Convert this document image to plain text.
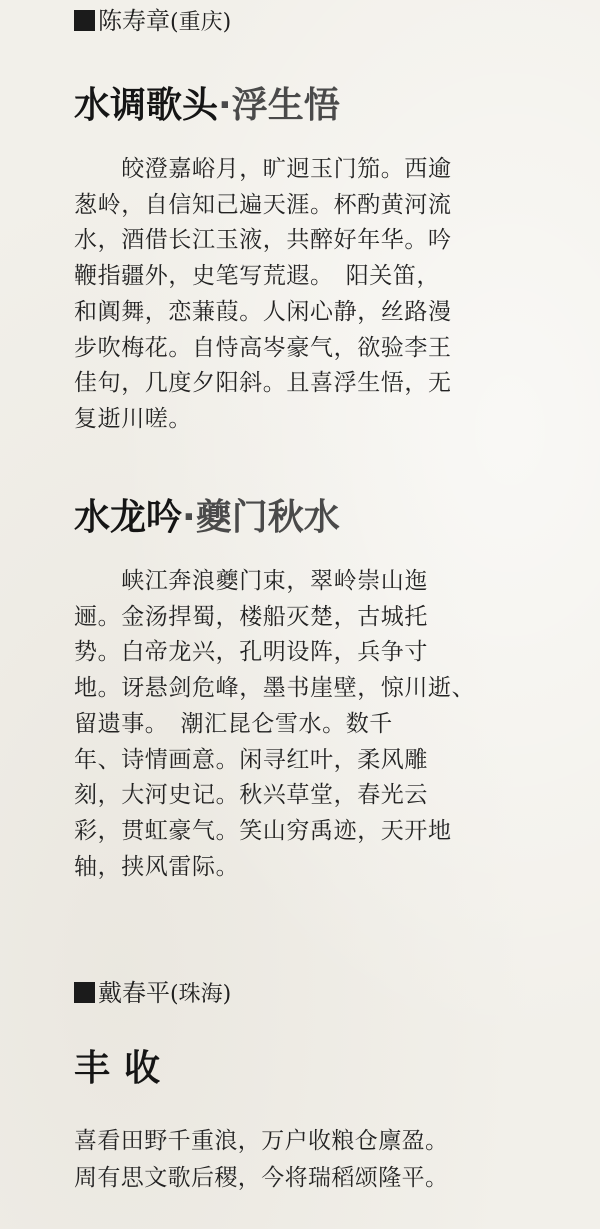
陈寿章(重庆)
水调歌头·浮生悟
　　皎澄嘉峪月，旷迥玉门笳。西逾
葱岭，自信知己遍天涯。杯酌黄河流
水，酒借长江玉液，共醉好年华。吟
鞭指疆外，史笔写荒遐。　阳关笛，
和阗舞，恋蒹葭。人闲心静，丝路漫
步吹梅花。自恃高岑豪气，欲验李王
佳句，几度夕阳斜。且喜浮生悟，无
复逝川嗟。
水龙吟·夔门秋水
　　峡江奔浪夔门束，翠岭崇山迤
逦。金汤捍蜀，楼船灭楚，古城托
势。白帝龙兴，孔明设阵，兵争寸
地。讶悬剑危峰，墨书崖壁，惊川逝、
留遗事。　潮汇昆仑雪水。数千
年、诗情画意。闲寻红叶，柔风雕
刻，大河史记。秋兴草堂，春光云
彩，贯虹豪气。笑山穷禹迹，天开地
轴，挟风雷际。
戴春平(珠海)
丰收
喜看田野千重浪，万户收粮仓廪盈。
周有思文歌后稷，今将瑞稻颂隆平。
